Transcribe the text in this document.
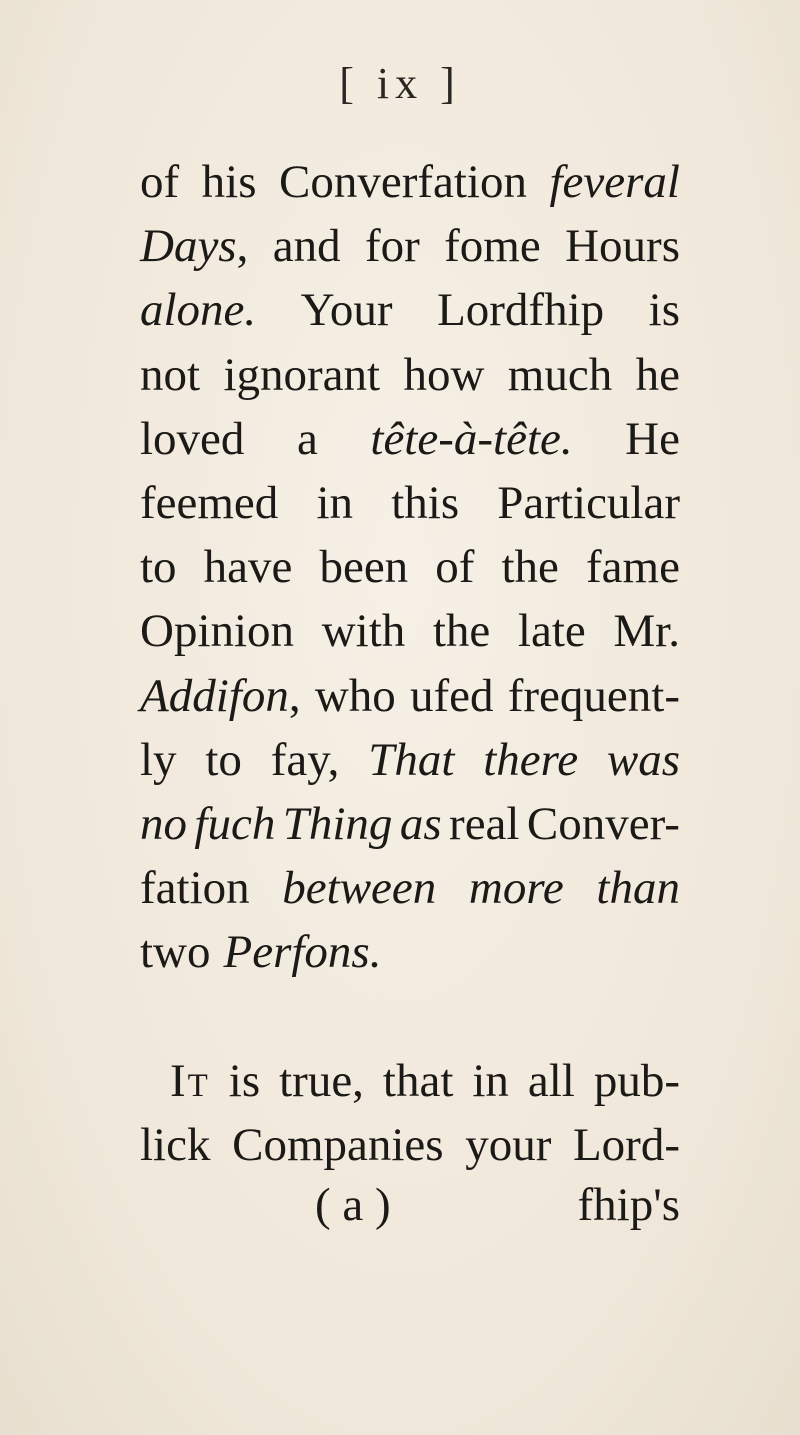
[ ix ]
of his Converfation feveral
Days, and for fome Hours
alone. Your Lordfhip is
not ignorant how much he
loved a tête-à-tête. He
feemed in this Particular
to have been of the fame
Opinion with the late Mr.
Addifon, who ufed frequent-
ly to fay, That there was
no fuch Thing as real Conver-
fation between more than
two Perfons.
It is true, that in all pub-
lick Companies your Lord-
( a )	fhip's
